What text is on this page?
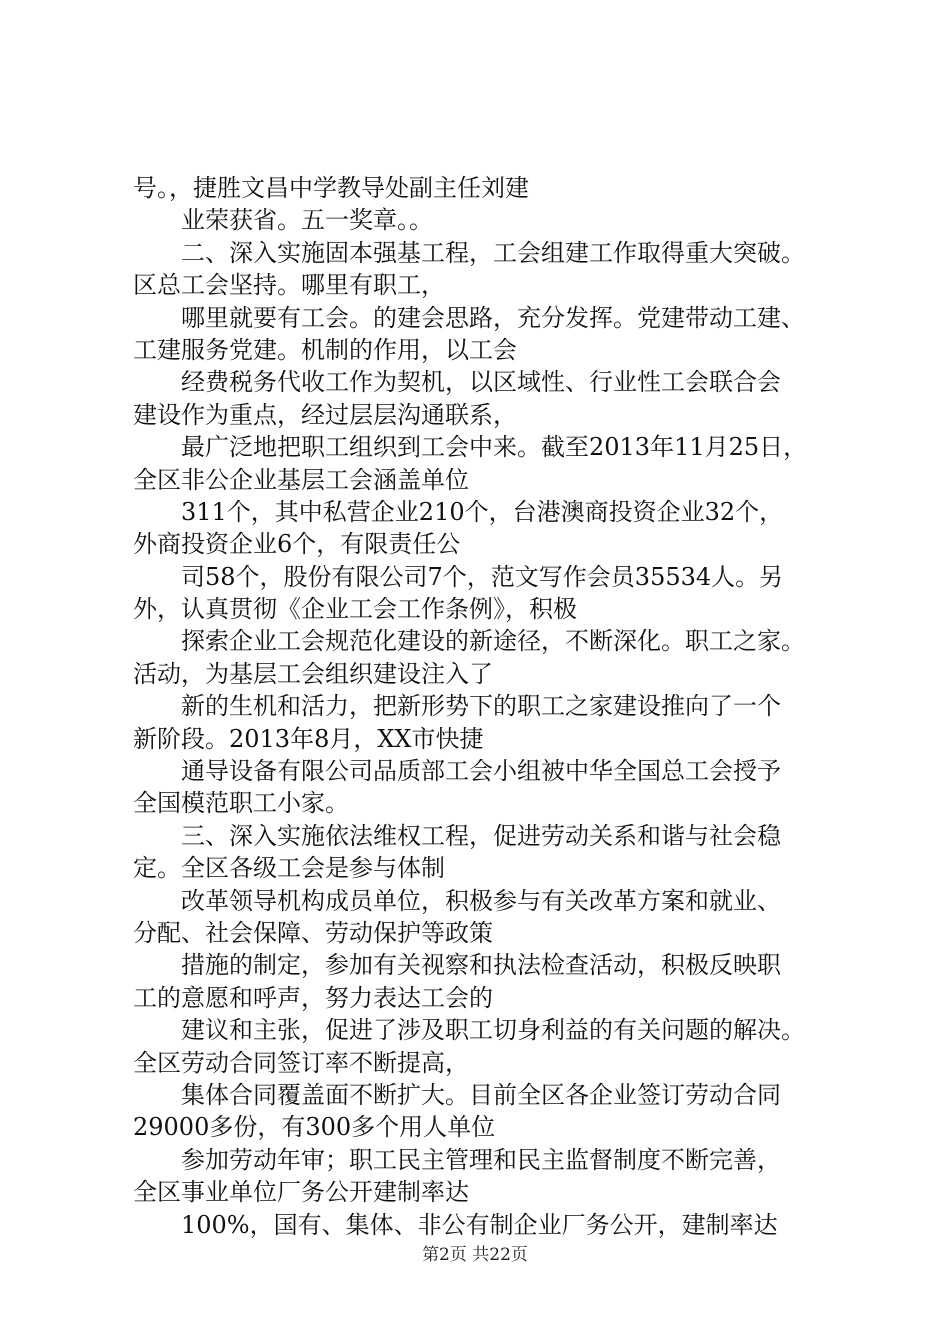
号。，捷胜文昌中学教导处副主任刘建
业荣获省。五一奖章。。
二、深入实施固本强基工程，工会组建工作取得重大突破。
区总工会坚持。哪里有职工，
哪里就要有工会。的建会思路，充分发挥。党建带动工建、
工建服务党建。机制的作用，以工会
经费税务代收工作为契机，以区域性、行业性工会联合会
建设作为重点，经过层层沟通联系，
最广泛地把职工组织到工会中来。截至2013年11月25日，
全区非公企业基层工会涵盖单位
311个，其中私营企业210个，台港澳商投资企业32个，
外商投资企业6个，有限责任公
司58个，股份有限公司7个，范文写作会员35534人。另
外，认真贯彻《企业工会工作条例》，积极
探索企业工会规范化建设的新途径，不断深化。职工之家。
活动，为基层工会组织建设注入了
新的生机和活力，把新形势下的职工之家建设推向了一个
新阶段。2013年8月，XX市快捷
通导设备有限公司品质部工会小组被中华全国总工会授予
全国模范职工小家。
三、深入实施依法维权工程，促进劳动关系和谐与社会稳
定。全区各级工会是参与体制
改革领导机构成员单位，积极参与有关改革方案和就业、
分配、社会保障、劳动保护等政策
措施的制定，参加有关视察和执法检查活动，积极反映职
工的意愿和呼声，努力表达工会的
建议和主张，促进了涉及职工切身利益的有关问题的解决。
全区劳动合同签订率不断提高，
集体合同覆盖面不断扩大。目前全区各企业签订劳动合同
29000多份，有300多个用人单位
参加劳动年审；职工民主管理和民主监督制度不断完善，
全区事业单位厂务公开建制率达
100%，国有、集体、非公有制企业厂务公开，建制率达
第2页 共22页
